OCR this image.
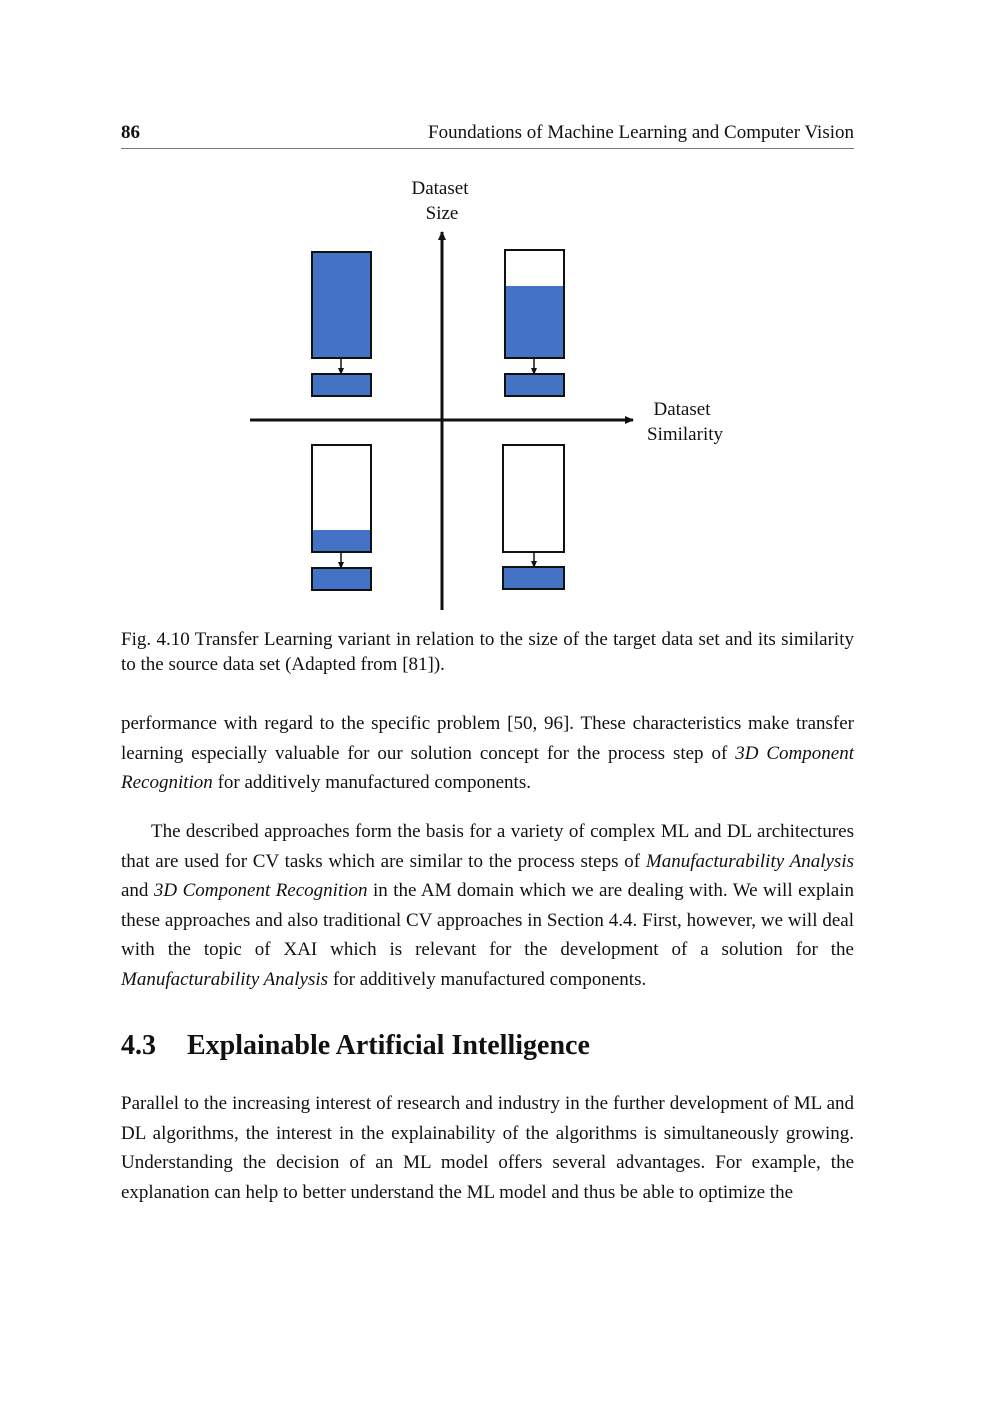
86	Foundations of Machine Learning and Computer Vision
Dataset
Size
Dataset
Similarity
Fig. 4.10 Transfer Learning variant in relation to the size of the target data set and its similarity to the source data set (Adapted from [81]).

performance with regard to the specific problem [50, 96]. These characteristics make transfer learning especially valuable for our solution concept for the process step of 3D Component Recognition for additively manufactured components.

The described approaches form the basis for a variety of complex ML and DL architectures that are used for CV tasks which are similar to the process steps of Manufacturability Analysis and 3D Component Recognition in the AM domain which we are dealing with. We will explain these approaches and also traditional CV approaches in Section 4.4. First, however, we will deal with the topic of XAI which is relevant for the development of a solution for the Manufacturability Analysis for additively manufactured components.

4.3 Explainable Artificial Intelligence

Parallel to the increasing interest of research and industry in the further development of ML and DL algorithms, the interest in the explainability of the algorithms is simultaneously growing. Understanding the decision of an ML model offers several advantages. For example, the explanation can help to better understand the ML model and thus be able to optimize the
